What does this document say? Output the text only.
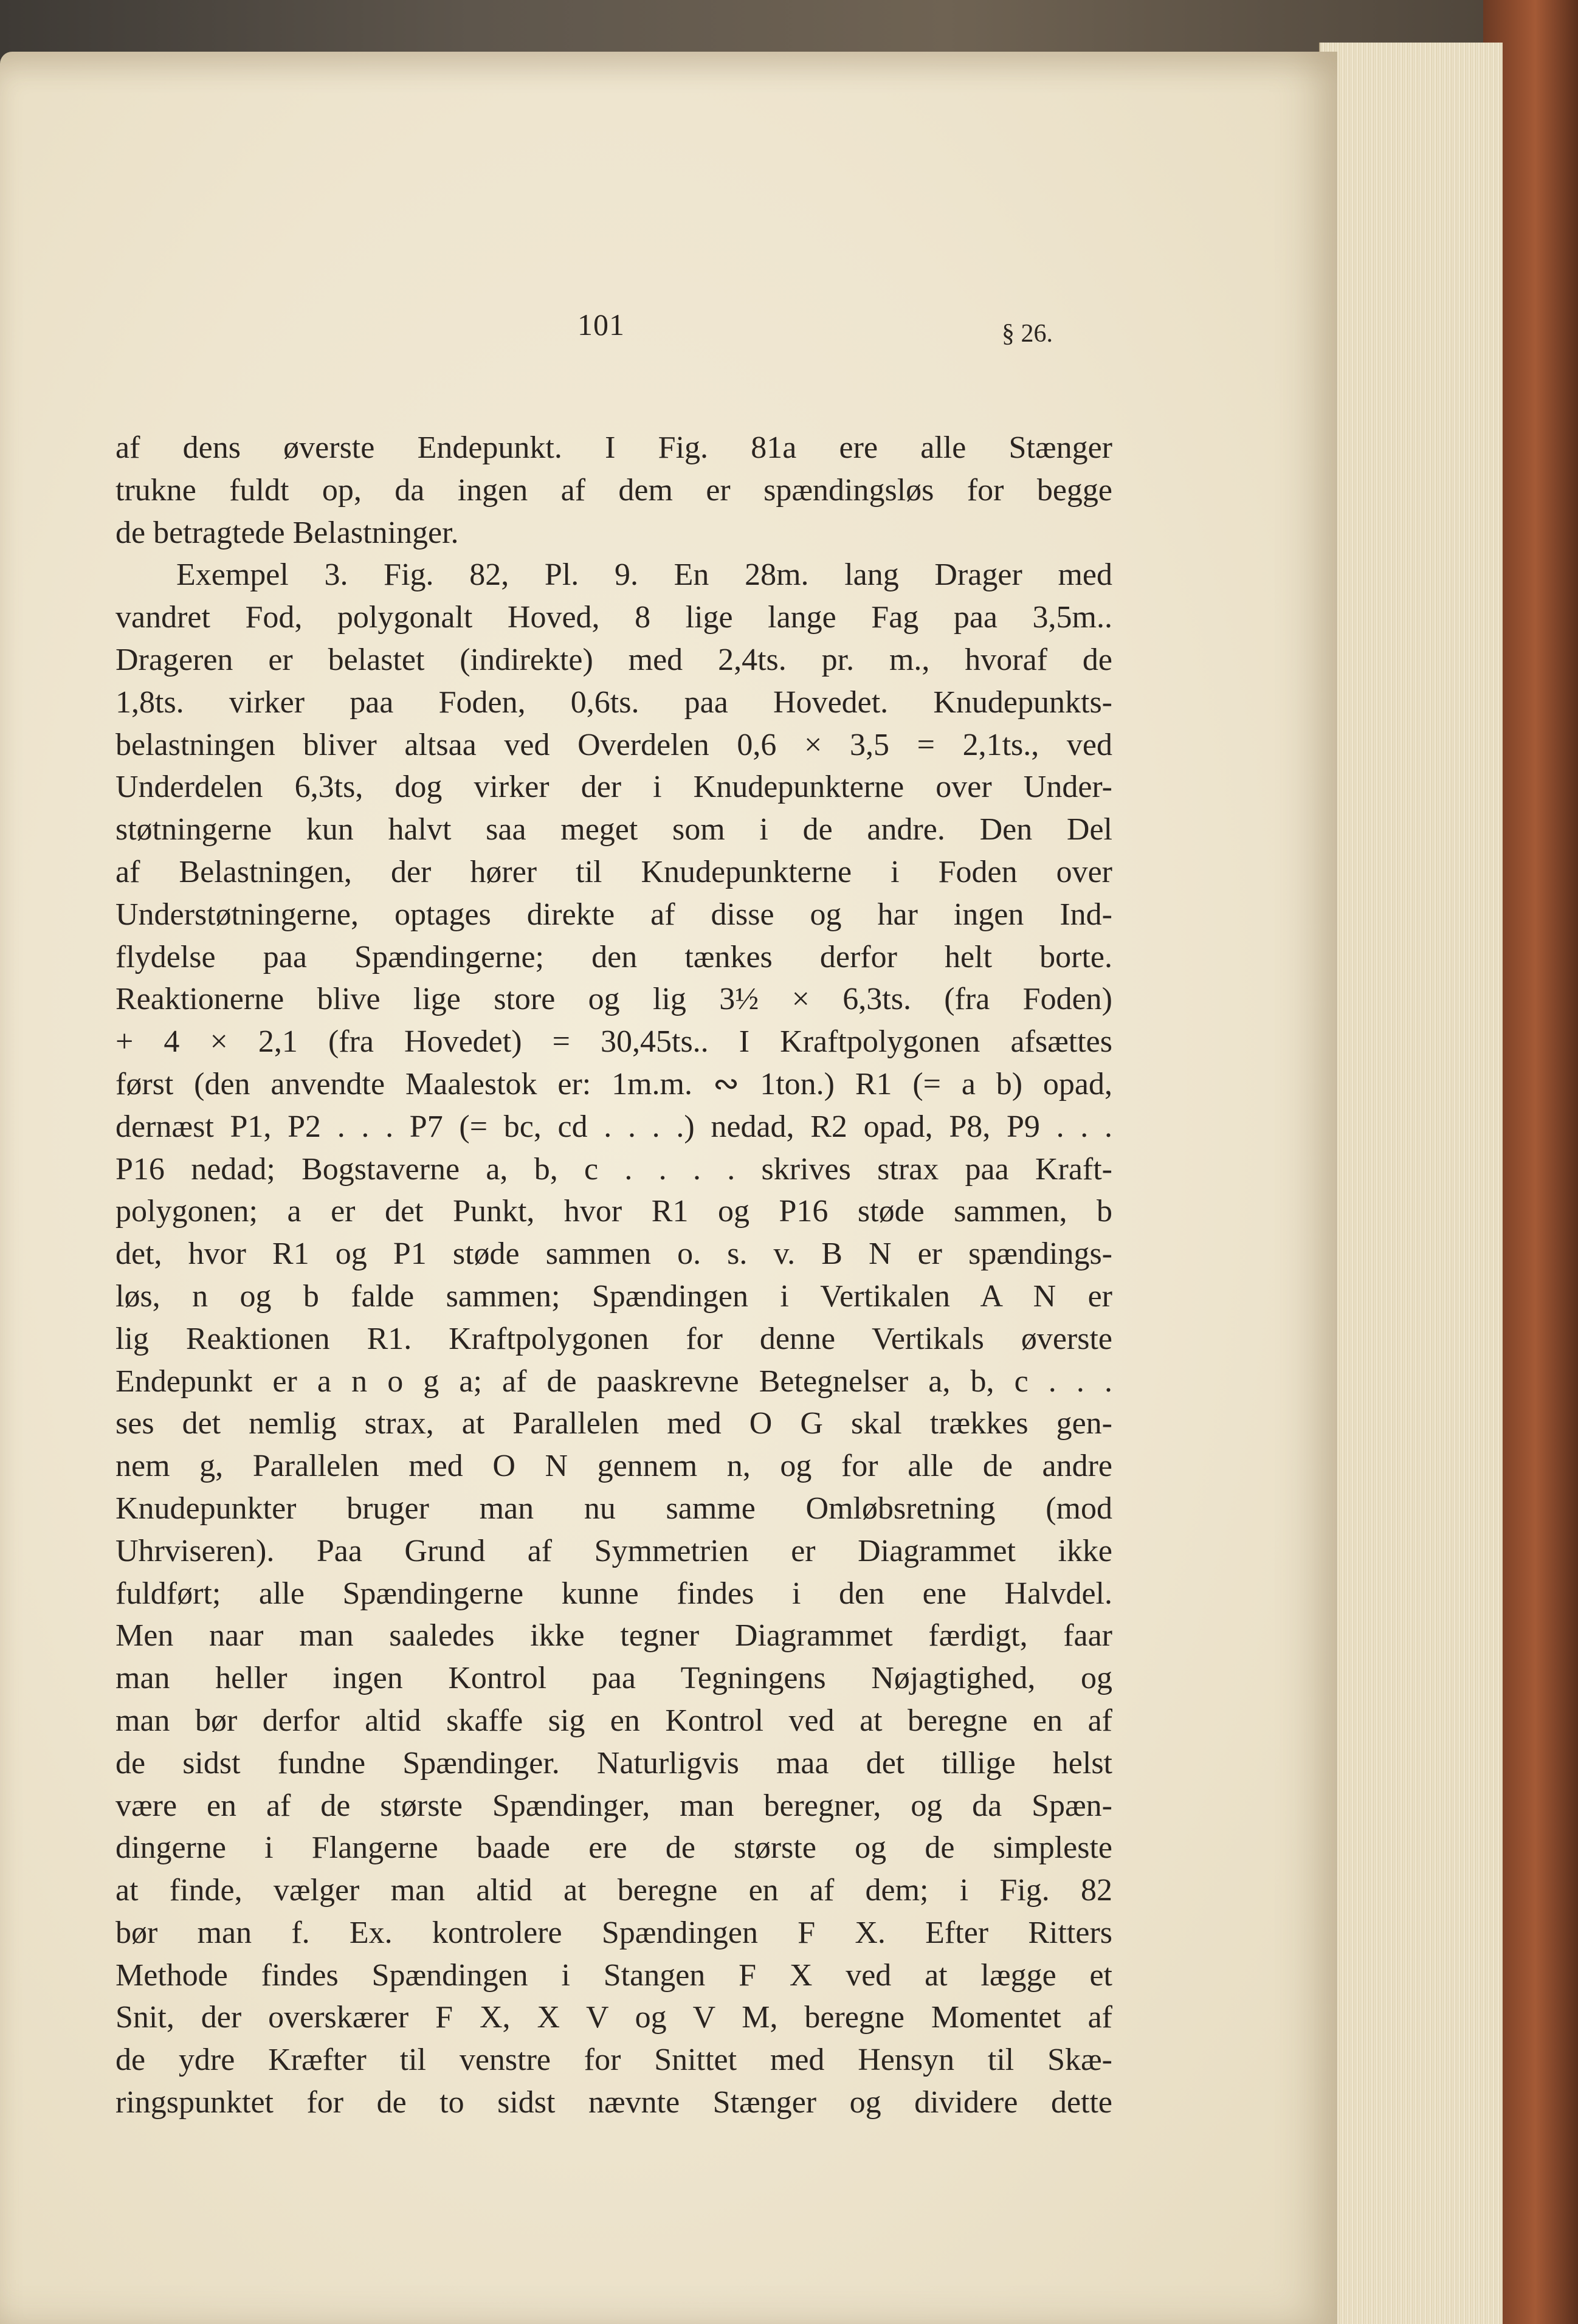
101	§ 26.
af dens øverste Endepunkt. I Fig. 81a ere alle Stænger
trukne fuldt op, da ingen af dem er spændingsløs for begge
de betragtede Belastninger.
Exempel 3. Fig. 82, Pl. 9. En 28m. lang Drager med
vandret Fod, polygonalt Hoved, 8 lige lange Fag paa 3,5m..
Drageren er belastet (indirekte) med 2,4ts. pr. m., hvoraf de
1,8ts. virker paa Foden, 0,6ts. paa Hovedet. Knudepunkts-
belastningen bliver altsaa ved Overdelen 0,6 × 3,5 = 2,1ts., ved
Underdelen 6,3ts, dog virker der i Knudepunkterne over Under-
støtningerne kun halvt saa meget som i de andre. Den Del
af Belastningen, der hører til Knudepunkterne i Foden over
Understøtningerne, optages direkte af disse og har ingen Ind-
flydelse paa Spændingerne; den tænkes derfor helt borte.
Reaktionerne blive lige store og lig 3½ × 6,3ts. (fra Foden)
+ 4 × 2,1 (fra Hovedet) = 30,45ts.. I Kraftpolygonen afsættes
først (den anvendte Maalestok er: 1m.m. ∾ 1ton.) R1 (= a b) opad,
dernæst P1, P2 . . . P7 (= bc, cd . . . .) nedad, R2 opad, P8, P9 . . .
P16 nedad; Bogstaverne a, b, c . . . . skrives strax paa Kraft-
polygonen; a er det Punkt, hvor R1 og P16 støde sammen, b
det, hvor R1 og P1 støde sammen o. s. v. B N er spændings-
løs, n og b falde sammen; Spændingen i Vertikalen A N er
lig Reaktionen R1. Kraftpolygonen for denne Vertikals øverste
Endepunkt er a n o g a; af de paaskrevne Betegnelser a, b, c . . .
ses det nemlig strax, at Parallelen med O G skal trækkes gen-
nem g, Parallelen med O N gennem n, og for alle de andre
Knudepunkter bruger man nu samme Omløbsretning (mod
Uhrviseren). Paa Grund af Symmetrien er Diagrammet ikke
fuldført; alle Spændingerne kunne findes i den ene Halvdel.
Men naar man saaledes ikke tegner Diagrammet færdigt, faar
man heller ingen Kontrol paa Tegningens Nøjagtighed, og
man bør derfor altid skaffe sig en Kontrol ved at beregne en af
de sidst fundne Spændinger. Naturligvis maa det tillige helst
være en af de største Spændinger, man beregner, og da Spæn-
dingerne i Flangerne baade ere de største og de simpleste
at finde, vælger man altid at beregne en af dem; i Fig. 82
bør man f. Ex. kontrolere Spændingen F X. Efter Ritters
Methode findes Spændingen i Stangen F X ved at lægge et
Snit, der overskærer F X, X V og V M, beregne Momentet af
de ydre Kræfter til venstre for Snittet med Hensyn til Skæ-
ringspunktet for de to sidst nævnte Stænger og dividere dette
